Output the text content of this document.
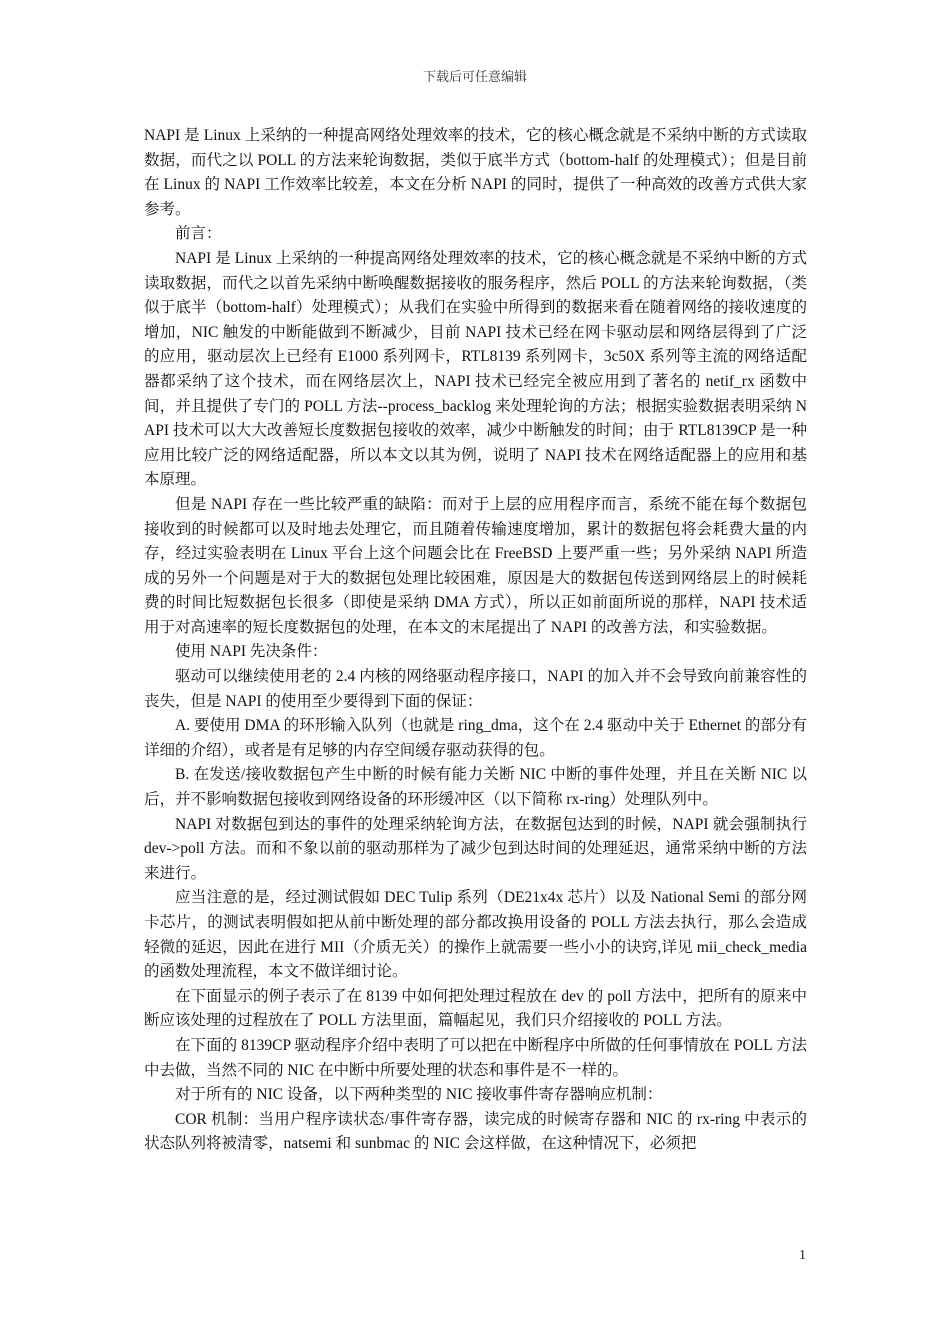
下载后可任意编辑

NAPI 是 Linux 上采纳的一种提高网络处理效率的技术，它的核心概念就是不采纳中断的方式读取数据，而代之以 POLL 的方法来轮询数据，类似于底半方式（bottom-half 的处理模式）；但是目前在 Linux 的 NAPI 工作效率比较差，本文在分析 NAPI 的同时，提供了一种高效的改善方式供大家参考。

前言：

NAPI 是 Linux 上采纳的一种提高网络处理效率的技术，它的核心概念就是不采纳中断的方式读取数据，而代之以首先采纳中断唤醒数据接收的服务程序，然后 POLL 的方法来轮询数据，（类似于底半（bottom-half）处理模式）；从我们在实验中所得到的数据来看在随着网络的接收速度的增加，NIC 触发的中断能做到不断减少，目前 NAPI 技术已经在网卡驱动层和网络层得到了广泛的应用，驱动层次上已经有 E1000 系列网卡，RTL8139 系列网卡，3c50X 系列等主流的网络适配器都采纳了这个技术，而在网络层次上，NAPI 技术已经完全被应用到了著名的 netif_rx 函数中间，并且提供了专门的 POLL 方法--process_backlog 来处理轮询的方法；根据实验数据表明采纳 NAPI 技术可以大大改善短长度数据包接收的效率，减少中断触发的时间；由于 RTL8139CP 是一种应用比较广泛的网络适配器，所以本文以其为例，说明了 NAPI 技术在网络适配器上的应用和基本原理。

但是 NAPI 存在一些比较严重的缺陷：而对于上层的应用程序而言，系统不能在每个数据包接收到的时候都可以及时地去处理它，而且随着传输速度增加，累计的数据包将会耗费大量的内存，经过实验表明在 Linux 平台上这个问题会比在 FreeBSD 上要严重一些；另外采纳 NAPI 所造成的另外一个问题是对于大的数据包处理比较困难，原因是大的数据包传送到网络层上的时候耗费的时间比短数据包长很多（即使是采纳 DMA 方式），所以正如前面所说的那样，NAPI 技术适用于对高速率的短长度数据包的处理，在本文的末尾提出了 NAPI 的改善方法，和实验数据。

使用 NAPI 先决条件：

驱动可以继续使用老的 2.4 内核的网络驱动程序接口，NAPI 的加入并不会导致向前兼容性的丧失，但是 NAPI 的使用至少要得到下面的保证：

A. 要使用 DMA 的环形输入队列（也就是 ring_dma，这个在 2.4 驱动中关于 Ethernet 的部分有详细的介绍），或者是有足够的内存空间缓存驱动获得的包。

B. 在发送/接收数据包产生中断的时候有能力关断 NIC 中断的事件处理，并且在关断 NIC 以后，并不影响数据包接收到网络设备的环形缓冲区（以下简称 rx-ring）处理队列中。

NAPI 对数据包到达的事件的处理采纳轮询方法，在数据包达到的时候，NAPI 就会强制执行 dev->poll 方法。而和不象以前的驱动那样为了减少包到达时间的处理延迟，通常采纳中断的方法来进行。

应当注意的是，经过测试假如 DEC Tulip 系列（DE21x4x 芯片）以及 National Semi 的部分网卡芯片，的测试表明假如把从前中断处理的部分都改换用设备的 POLL 方法去执行，那么会造成轻微的延迟，因此在进行 MII（介质无关）的操作上就需要一些小小的诀窍,详见 mii_check_media 的函数处理流程，本文不做详细讨论。

在下面显示的例子表示了在 8139 中如何把处理过程放在 dev 的 poll 方法中，把所有的原来中断应该处理的过程放在了 POLL 方法里面，篇幅起见，我们只介绍接收的 POLL 方法。

在下面的 8139CP 驱动程序介绍中表明了可以把在中断程序中所做的任何事情放在 POLL 方法中去做，当然不同的 NIC 在中断中所要处理的状态和事件是不一样的。

对于所有的 NIC 设备，以下两种类型的 NIC 接收事件寄存器响应机制：

COR 机制：当用户程序读状态/事件寄存器，读完成的时候寄存器和 NIC 的 rx-ring 中表示的状态队列将被清零，natsemi 和 sunbmac 的 NIC 会这样做，在这种情况下，必须把

1
